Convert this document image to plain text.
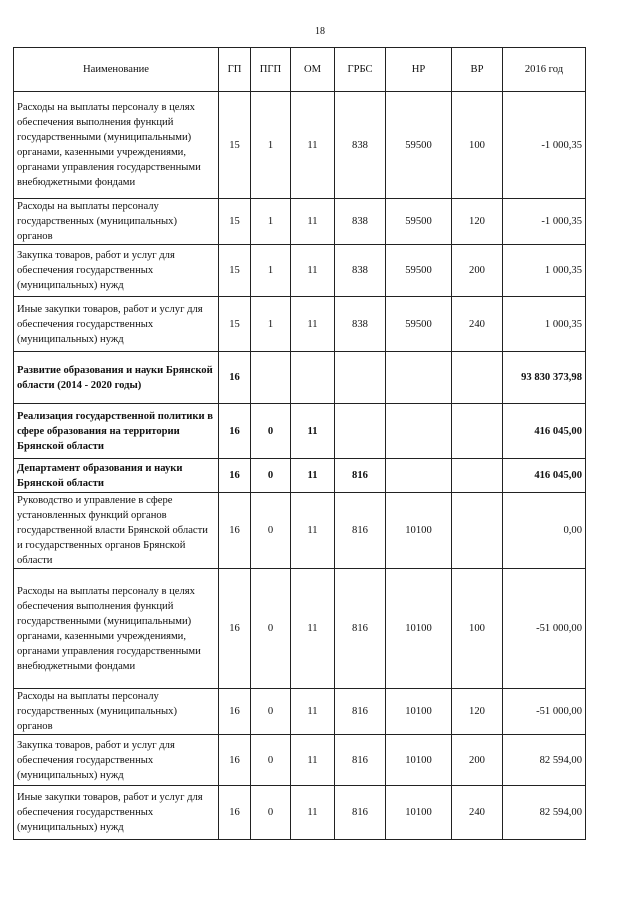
18
Наименование	ГП	ПГП	ОМ	ГРБС	НР	ВР	2016 год
Расходы на выплаты персоналу в целях обеспечения выполнения функций государственными (муниципальными) органами, казенными учреждениями, органами управления государственными внебюджетными фондами	15	1	11	838	59500	100	-1 000,35
Расходы на выплаты персоналу государственных (муниципальных) органов	15	1	11	838	59500	120	-1 000,35
Закупка товаров, работ и услуг для обеспечения государственных (муниципальных) нужд	15	1	11	838	59500	200	1 000,35
Иные закупки товаров, работ и услуг для обеспечения государственных (муниципальных) нужд	15	1	11	838	59500	240	1 000,35
Развитие образования и науки Брянской области (2014 - 2020 годы)	16						93 830 373,98
Реализация государственной политики в сфере образования на территории Брянской области	16	0	11				416 045,00
Департамент образования и науки Брянской области	16	0	11	816			416 045,00
Руководство и управление в сфере установленных функций органов государственной власти Брянской области и государственных органов Брянской области	16	0	11	816	10100		0,00
Расходы на выплаты персоналу в целях обеспечения выполнения функций государственными (муниципальными) органами, казенными учреждениями, органами управления государственными внебюджетными фондами	16	0	11	816	10100	100	-51 000,00
Расходы на выплаты персоналу государственных (муниципальных) органов	16	0	11	816	10100	120	-51 000,00
Закупка товаров, работ и услуг для обеспечения государственных (муниципальных) нужд	16	0	11	816	10100	200	82 594,00
Иные закупки товаров, работ и услуг для обеспечения государственных (муниципальных) нужд	16	0	11	816	10100	240	82 594,00
